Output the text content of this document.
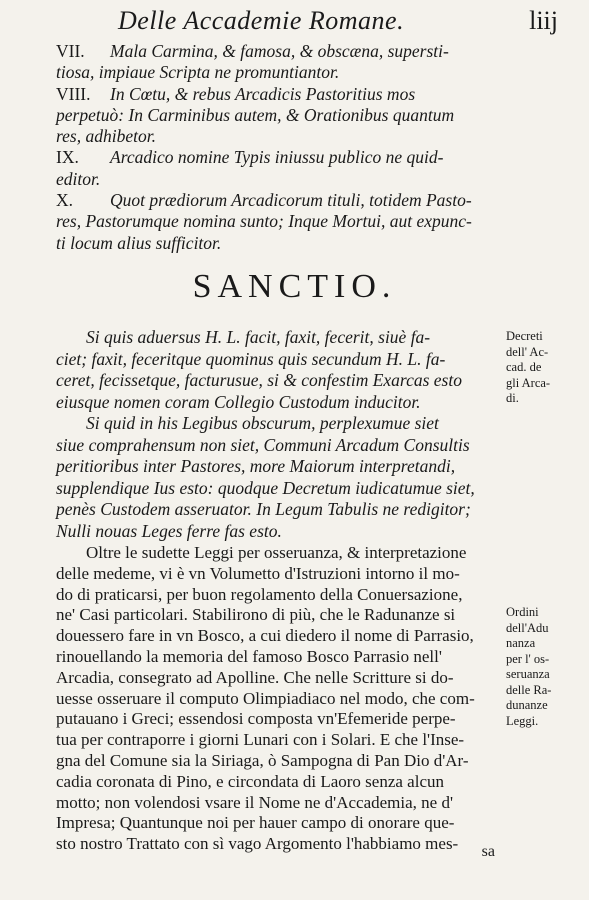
Delle Accademie Romane.	liij
VII. Mala Carmina, & famosa, & obscæna, supersti-
tiosa, impiaue Scripta ne promuntiantor.
VIII. In Cœtu, & rebus Arcadicis Pastoritius mos
perpetuò: In Carminibus autem, & Orationibus quantum
res, adhibetor.
IX. Arcadico nomine Typis iniussu publico ne quid-
editor.
X. Quot prædiorum Arcadicorum tituli, totidem Pasto-
res, Pastorumque nomina sunto; Inque Mortui, aut expunc-
ti locum alius sufficitor.
SANCTIO.
Si quis aduersus H. L. facit, faxit, fecerit, siuè fa-
ciet; faxit, feceritque quominus quis secundum H. L. fa-
ceret, fecissetque, facturusue, si & confestim Exarcas esto
eiusque nomen coram Collegio Custodum inducitor.
Si quid in his Legibus obscurum, perplexumue siet
siue comprahensum non siet, Communi Arcadum Consultis
peritioribus inter Pastores, more Maiorum interpretandi,
supplendique Ius esto: quodque Decretum iudicatumue siet,
penès Custodem asseruator. In Legum Tabulis ne redigitor;
Nulli nouas Leges ferre fas esto.
Oltre le sudette Leggi per osseruanza, & interpretazione
delle medeme, vi è vn Volumetto d'Istruzioni intorno il mo-
do di praticarsi, per buon regolamento della Conuersazione,
ne' Casi particolari. Stabilirono di più, che le Radunanze si
douessero fare in vn Bosco, a cui diedero il nome di Parrasio,
rinouellando la memoria del famoso Bosco Parrasio nell'
Arcadia, consegrato ad Apolline. Che nelle Scritture si do-
uesse osseruare il computo Olimpiadiaco nel modo, che com-
putauano i Greci; essendosi composta vn'Efemeride perpe-
tua per contraporre i giorni Lunari con i Solari. E che l'Inse-
gna del Comune sia la Siriaga, ò Sampogna di Pan Dio d'Ar-
cadia coronata di Pino, e circondata di Laoro senza alcun
motto; non volendosi vsare il Nome ne d'Accademia, ne d'
Impresa; Quantunque noi per hauer campo di onorare que-
sto nostro Trattato con sì vago Argomento l'habbiamo mes-
Decreti
dell' Ac-
cad. de
gli Arca-
di.
Ordini
dell'Adu
nanza
per l' os-
seruanza
delle Ra-
dunanze
Leggi.
sa
